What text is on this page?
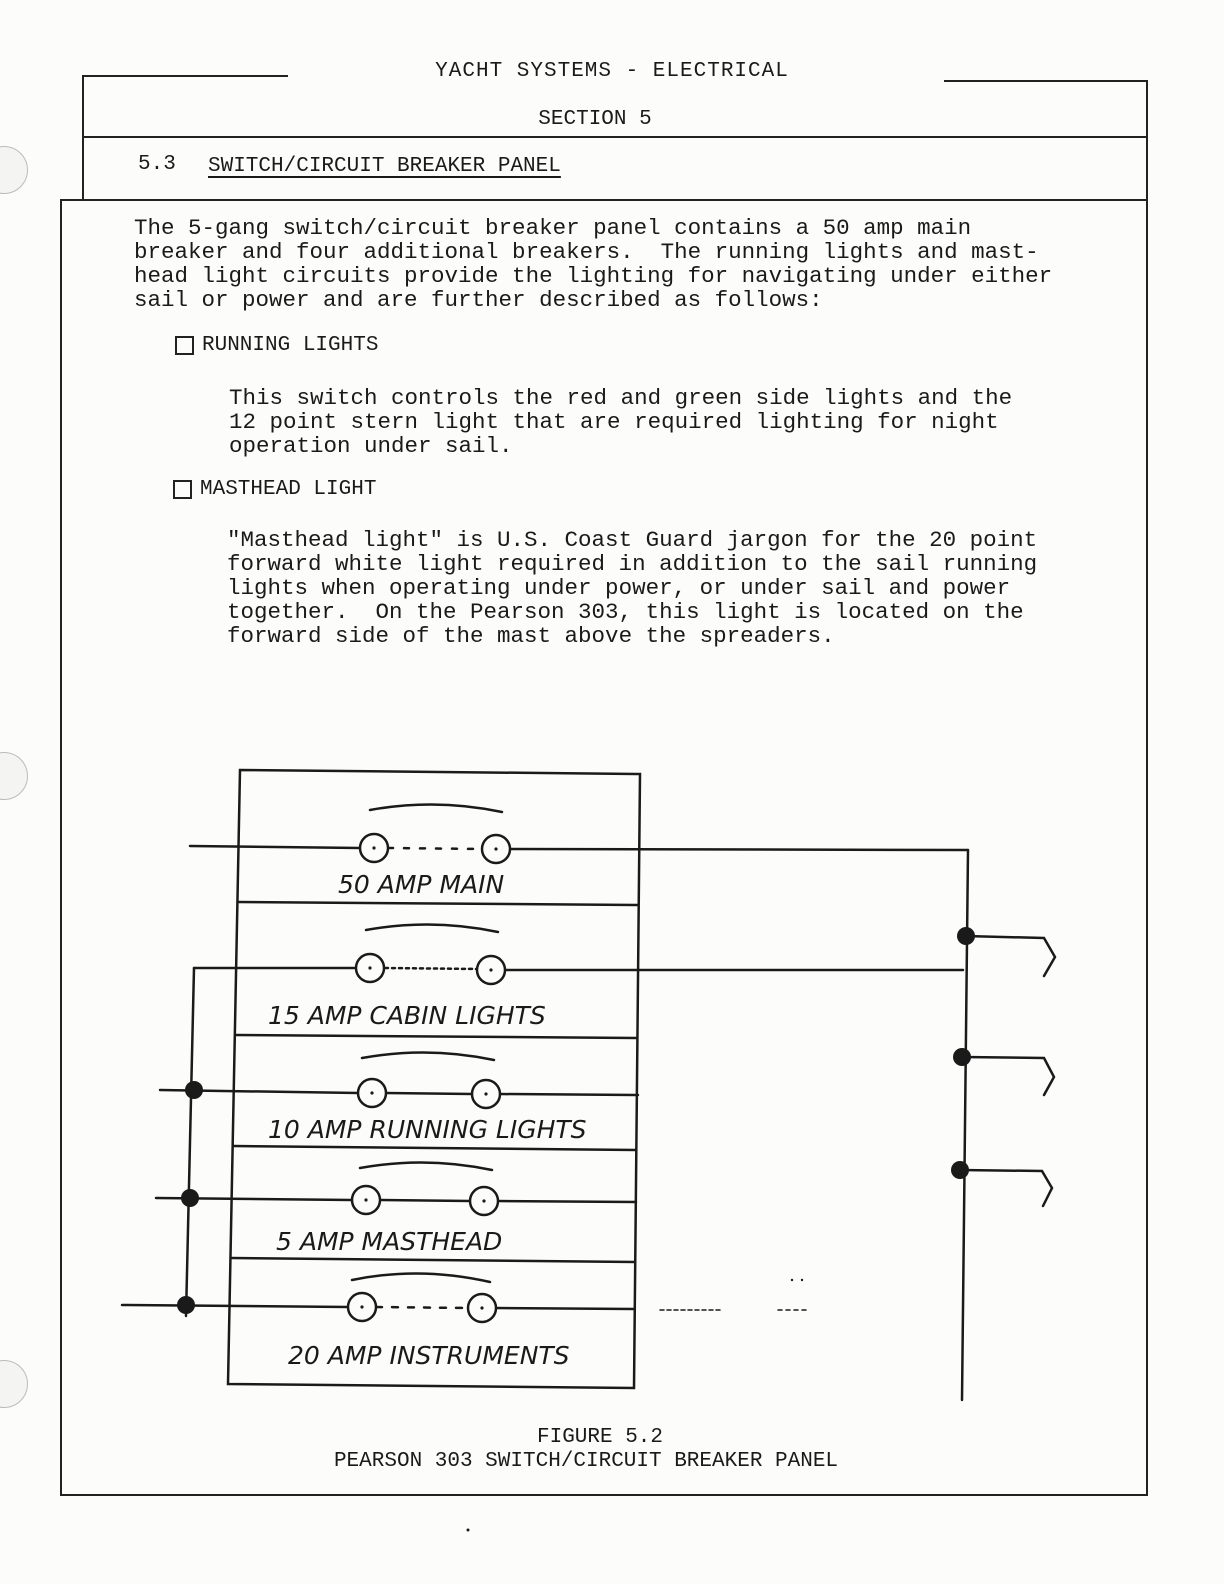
YACHT SYSTEMS - ELECTRICAL
SECTION 5
5.3 SWITCH/CIRCUIT BREAKER PANEL
The 5-gang switch/circuit breaker panel contains a 50 amp main
breaker and four additional breakers.  The running lights and mast-
head light circuits provide the lighting for navigating under either
sail or power and are further described as follows:
RUNNING LIGHTS
This switch controls the red and green side lights and the
12 point stern light that are required lighting for night
operation under sail.
MASTHEAD LIGHT
"Masthead light" is U.S. Coast Guard jargon for the 20 point
forward white light required in addition to the sail running
lights when operating under power, or under sail and power
together.  On the Pearson 303, this light is located on the
forward side of the mast above the spreaders.
50 AMP MAIN
15 AMP CABIN LIGHTS
10 AMP RUNNING LIGHTS
5 AMP MASTHEAD
20 AMP INSTRUMENTS
FIGURE 5.2
PEARSON 303 SWITCH/CIRCUIT BREAKER PANEL
